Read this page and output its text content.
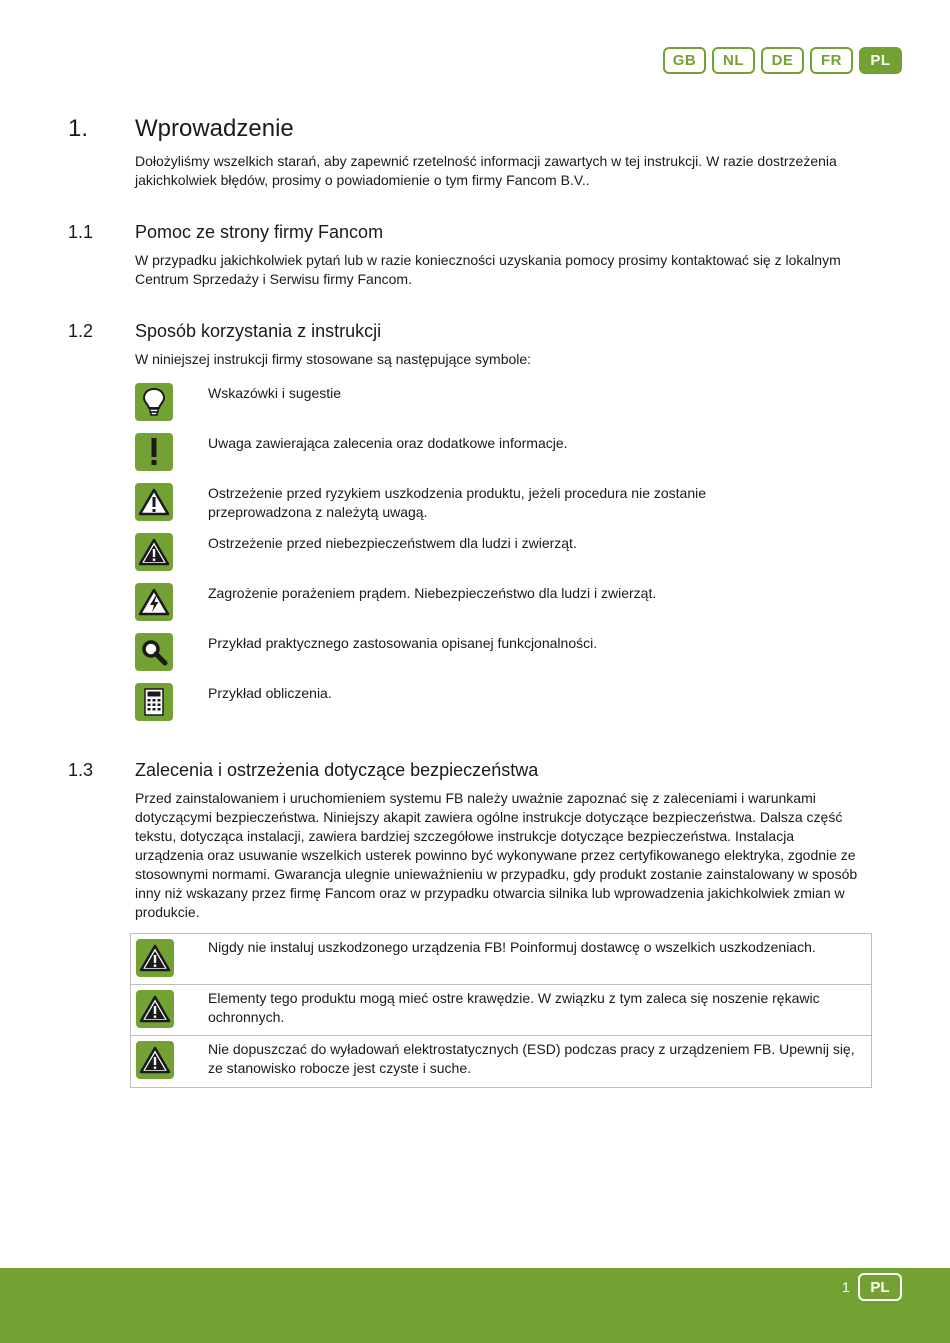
GB	NL	DE	FR	PL
1. Wprowadzenie
Dołożyliśmy wszelkich starań, aby zapewnić rzetelność informacji zawartych w tej instrukcji. W razie dostrzeżenia jakichkolwiek błędów, prosimy o powiadomienie o tym firmy Fancom B.V..
1.1 Pomoc ze strony firmy Fancom
W przypadku jakichkolwiek pytań lub w razie konieczności uzyskania pomocy prosimy kontaktować się z lokalnym Centrum Sprzedaży i Serwisu firmy Fancom.
1.2 Sposób korzystania z instrukcji
W niniejszej instrukcji firmy stosowane są następujące symbole:
Wskazówki i sugestie
Uwaga zawierająca zalecenia oraz dodatkowe informacje.
Ostrzeżenie przed ryzykiem uszkodzenia produktu, jeżeli procedura nie zostanie przeprowadzona z należytą uwagą.
Ostrzeżenie przed niebezpieczeństwem dla ludzi i zwierząt.
Zagrożenie porażeniem prądem. Niebezpieczeństwo dla ludzi i zwierząt.
Przykład praktycznego zastosowania opisanej funkcjonalności.
Przykład obliczenia.
1.3 Zalecenia i ostrzeżenia dotyczące bezpieczeństwa
Przed zainstalowaniem i uruchomieniem systemu FB należy uważnie zapoznać się z zaleceniami i warunkami dotyczącymi bezpieczeństwa. Niniejszy akapit zawiera ogólne instrukcje dotyczące bezpieczeństwa. Dalsza część tekstu, dotycząca instalacji, zawiera bardziej szczegółowe instrukcje dotyczące bezpieczeństwa. Instalacja urządzenia oraz usuwanie wszelkich usterek powinno być wykonywane przez certyfikowanego elektryka, zgodnie ze stosownymi normami. Gwarancja ulegnie unieważnieniu w przypadku, gdy produkt zostanie zainstalowany w sposób inny niż wskazany przez firmę Fancom oraz w przypadku otwarcia silnika lub wprowadzenia jakichkolwiek zmian w produkcie.
Nigdy nie instaluj uszkodzonego urządzenia FB! Poinformuj dostawcę o wszelkich uszkodzeniach.
Elementy tego produktu mogą mieć ostre krawędzie. W związku z tym zaleca się noszenie rękawic ochronnych.
Nie dopuszczać do wyładowań elektrostatycznych (ESD) podczas pracy z urządzeniem FB. Upewnij się, ze stanowisko robocze jest czyste i suche.
1	PL
